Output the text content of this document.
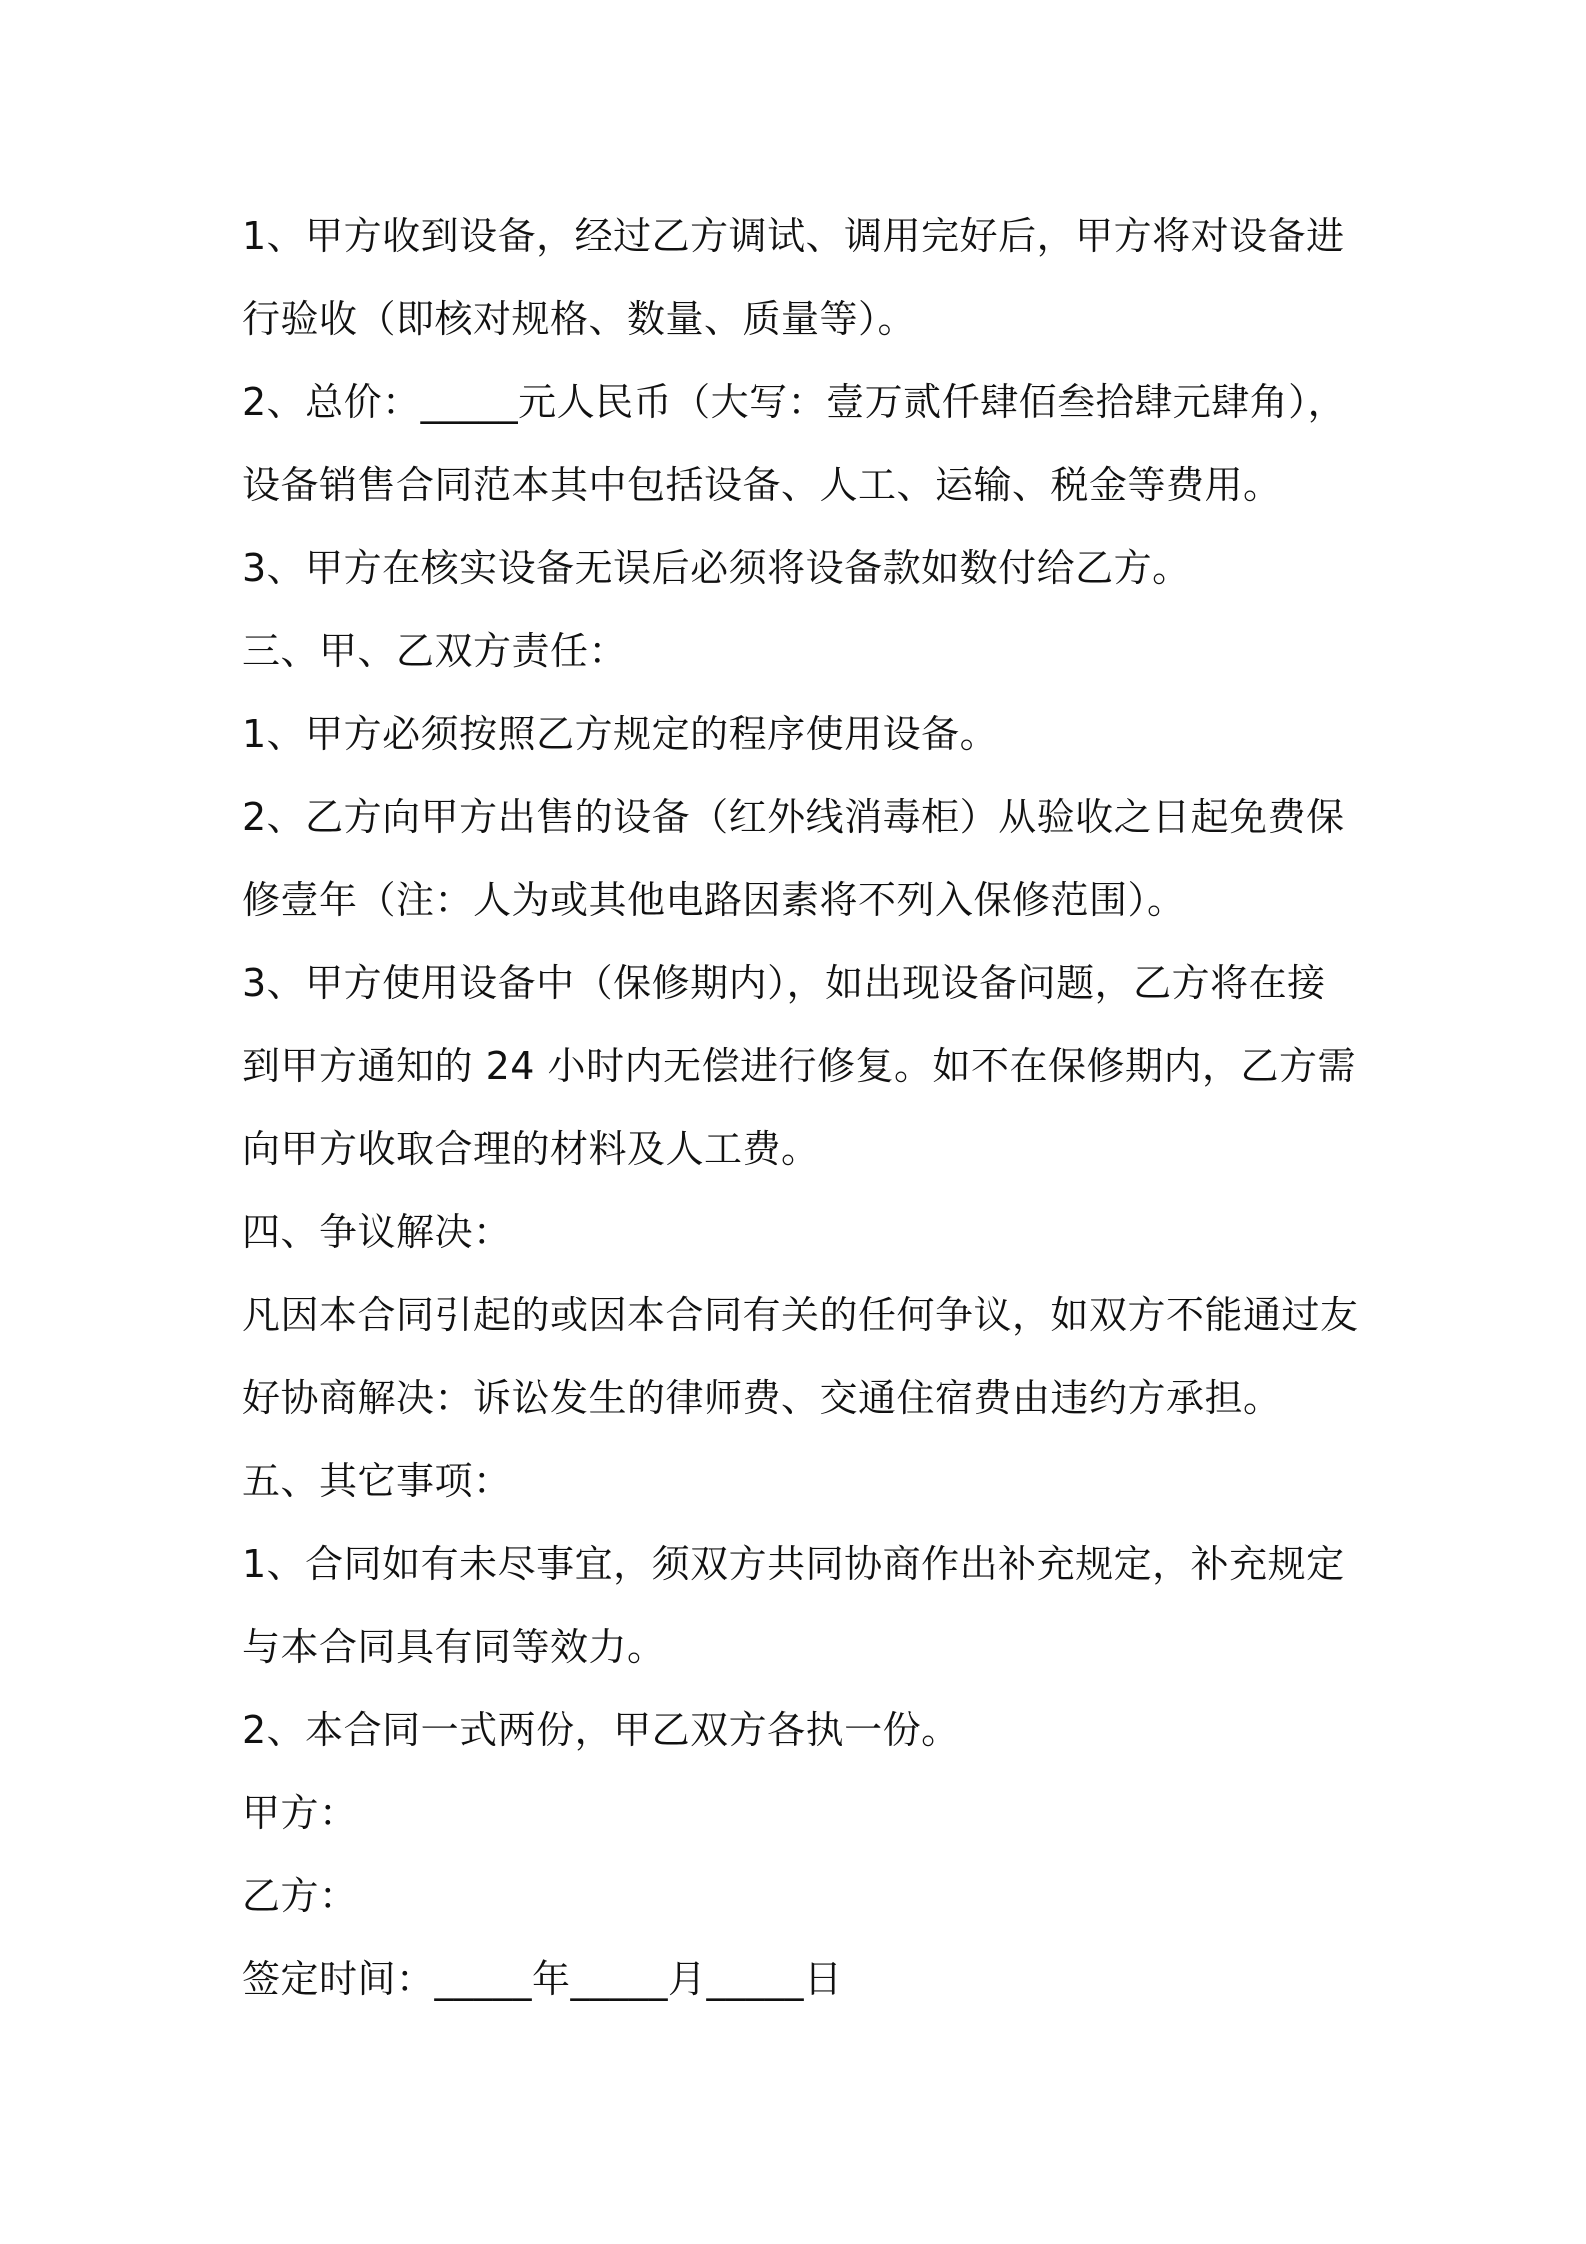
1、甲方收到设备，经过乙方调试、调用完好后，甲方将对设备进行验收（即核对规格、数量、质量等）。

2、总价：_____元人民币（大写：壹万贰仟肆佰叁拾肆元肆角），设备销售合同范本其中包括设备、人工、运输、税金等费用。

3、甲方在核实设备无误后必须将设备款如数付给乙方。

三、甲、乙双方责任：

1、甲方必须按照乙方规定的程序使用设备。

2、乙方向甲方出售的设备（红外线消毒柜）从验收之日起免费保修壹年（注：人为或其他电路因素将不列入保修范围）。

3、甲方使用设备中（保修期内），如出现设备问题，乙方将在接到甲方通知的 24 小时内无偿进行修复。如不在保修期内，乙方需向甲方收取合理的材料及人工费。

四、争议解决：

凡因本合同引起的或因本合同有关的任何争议，如双方不能通过友好协商解决：诉讼发生的律师费、交通住宿费由违约方承担。

五、其它事项：

1、合同如有未尽事宜，须双方共同协商作出补充规定，补充规定与本合同具有同等效力。

2、本合同一式两份，甲乙双方各执一份。

甲方：

乙方：

签定时间：_____年_____月_____日
